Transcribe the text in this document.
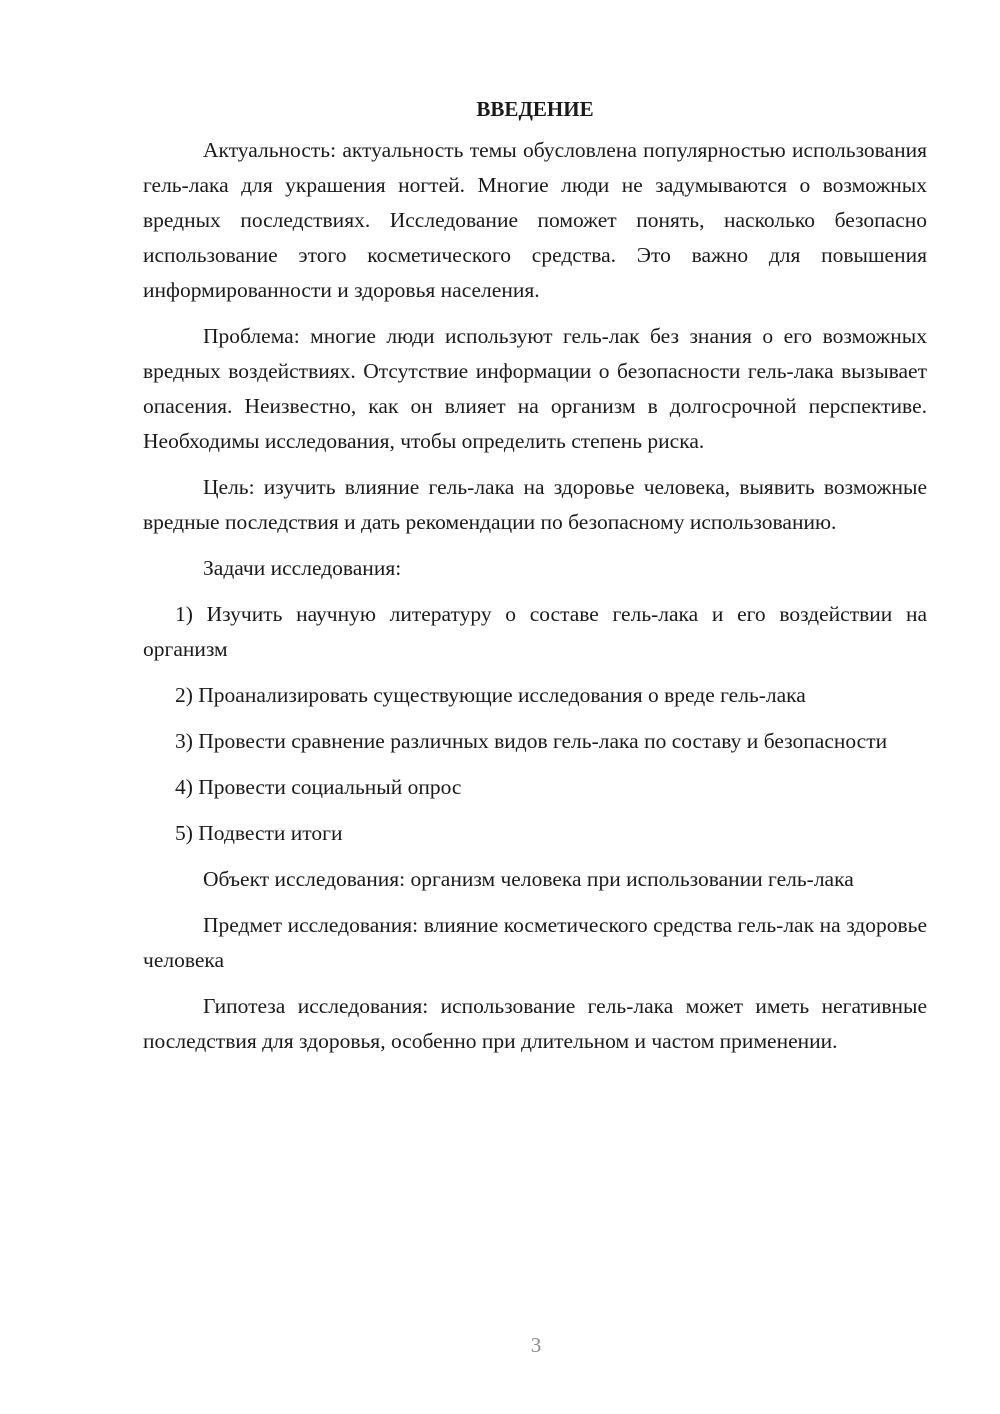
ВВЕДЕНИЕ

Актуальность: актуальность темы обусловлена популярностью использования гель-лака для украшения ногтей. Многие люди не задумываются о возможных вредных последствиях. Исследование поможет понять, насколько безопасно использование этого косметического средства. Это важно для повышения информированности и здоровья населения.

Проблема: многие люди используют гель-лак без знания о его возможных вредных воздействиях. Отсутствие информации о безопасности гель-лака вызывает опасения. Неизвестно, как он влияет на организм в долгосрочной перспективе. Необходимы исследования, чтобы определить степень риска.

Цель: изучить влияние гель-лака на здоровье человека, выявить возможные вредные последствия и дать рекомендации по безопасному использованию.

Задачи исследования:

1) Изучить научную литературу о составе гель-лака и его воздействии на организм

2) Проанализировать существующие исследования о вреде гель-лака

3) Провести сравнение различных видов гель-лака по составу и безопасности

4) Провести социальный опрос

5) Подвести итоги

Объект исследования: организм человека при использовании гель-лака

Предмет исследования: влияние косметического средства гель-лак на здоровье человека

Гипотеза исследования: использование гель-лака может иметь негативные последствия для здоровья, особенно при длительном и частом применении.

3
